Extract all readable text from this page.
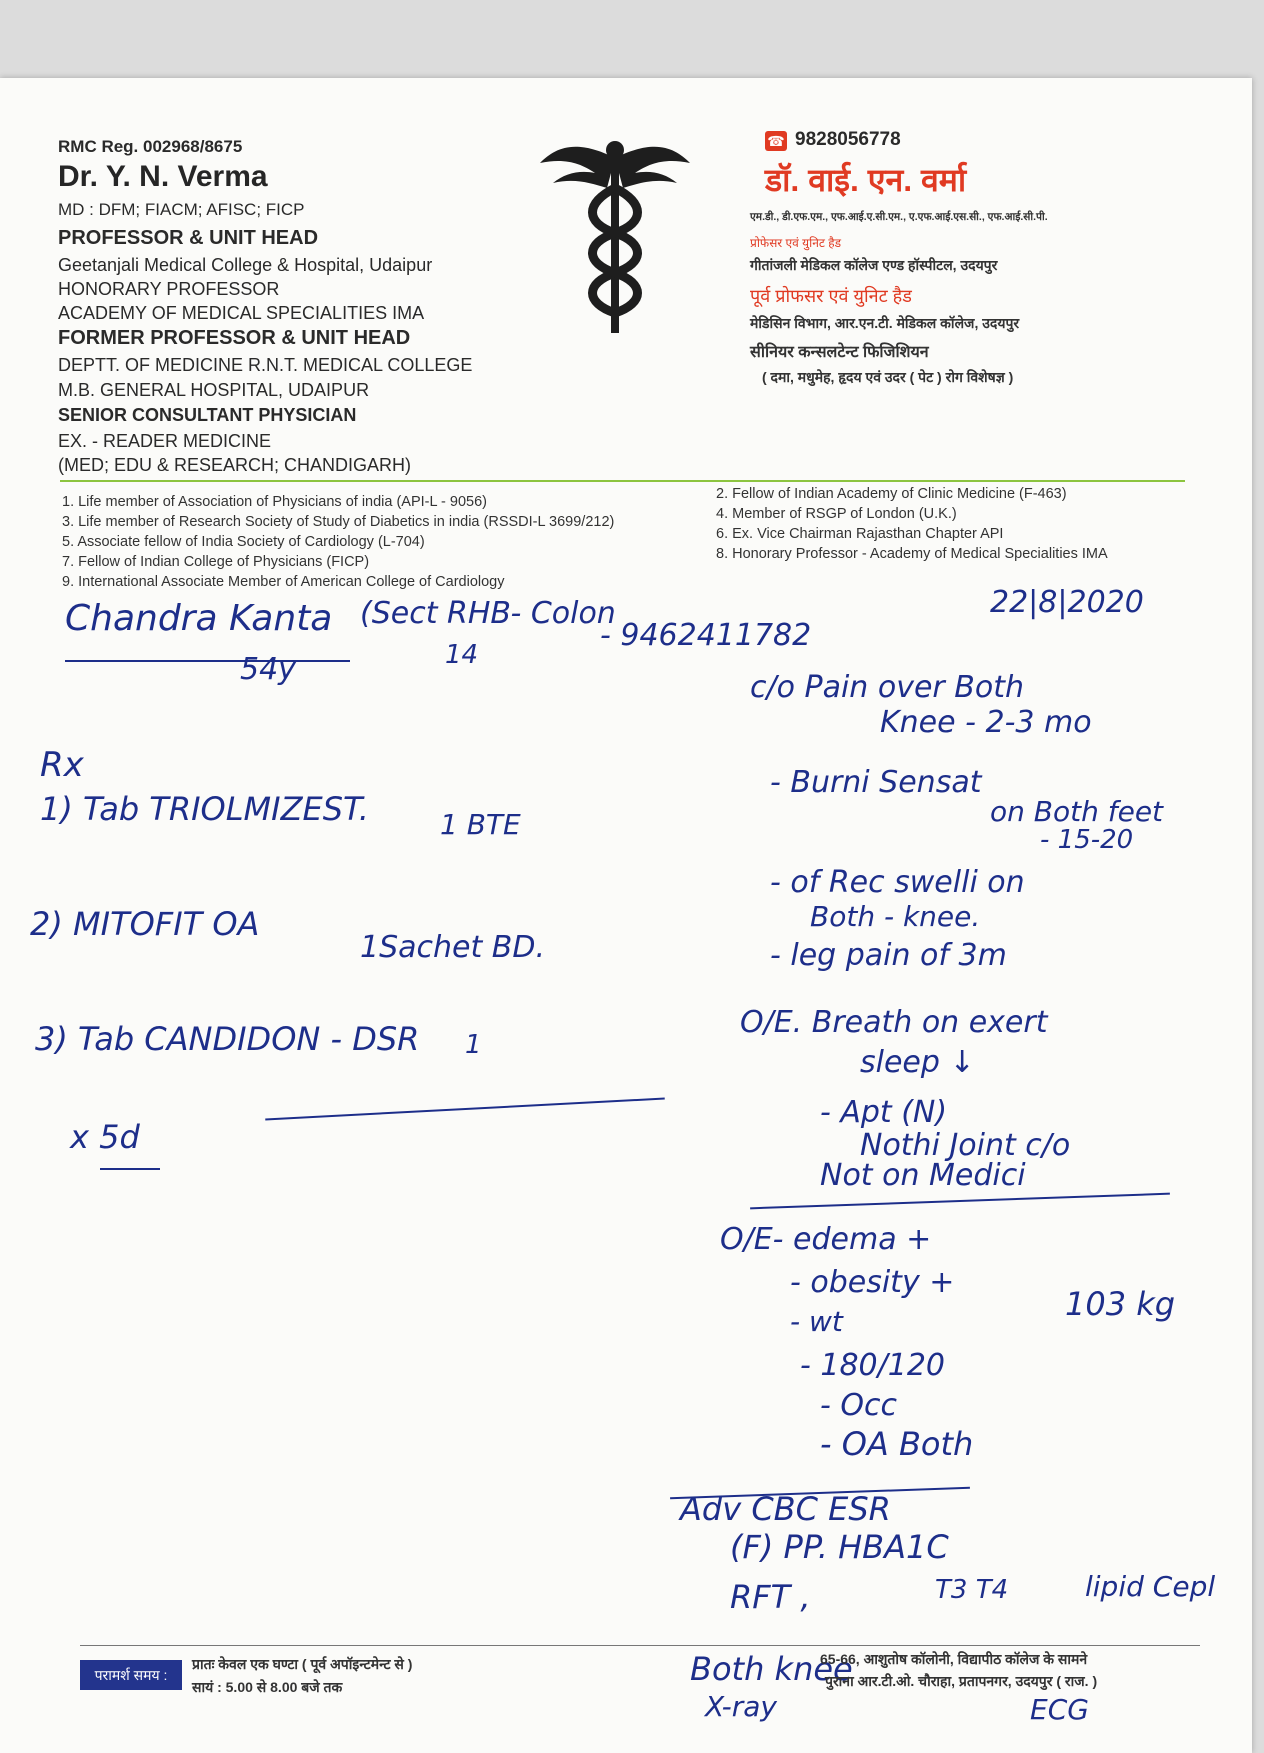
RMC Reg. 002968/8675
Dr. Y. N. Verma
MD : DFM; FIACM; AFISC; FICP
PROFESSOR & UNIT HEAD
Geetanjali Medical College & Hospital, Udaipur
HONORARY PROFESSOR
ACADEMY OF MEDICAL SPECIALITIES IMA
FORMER PROFESSOR & UNIT HEAD
DEPTT. OF MEDICINE R.N.T. MEDICAL COLLEGE
M.B. GENERAL HOSPITAL, UDAIPUR
SENIOR CONSULTANT PHYSICIAN
EX. - READER MEDICINE
(MED; EDU & RESEARCH; CHANDIGARH)
☎ 9828056778
डॉ. वाई. एन. वर्मा
एम.डी., डी.एफ.एम., एफ.आई.ए.सी.एम., ए.एफ.आई.एस.सी., एफ.आई.सी.पी.
प्रोफेसर एवं युनिट हैड
गीतांजली मेडिकल कॉलेज एण्ड हॉस्पीटल, उदयपुर
पूर्व प्रोफसर एवं युनिट हैड
मेडिसिन विभाग, आर.एन.टी. मेडिकल कॉलेज, उदयपुर
सीनियर कन्सलटेन्ट फिजिशियन
( दमा, मधुमेह, हृदय एवं उदर ( पेट ) रोग विशेषज्ञ )
1. Life member of Association of Physicians of india (API-L - 9056)
3. Life member of Research Society of Study of Diabetics in india (RSSDI-L 3699/212)
5. Associate fellow of India Society of Cardiology (L-704)
7. Fellow of Indian College of Physicians (FICP)
9. International Associate Member of American College of Cardiology
2. Fellow of Indian Academy of Clinic Medicine (F-463)
4. Member of RSGP of London (U.K.)
6. Ex. Vice Chairman Rajasthan Chapter API
8. Honorary Professor - Academy of Medical Specialities IMA
Chandra Kanta (Sect RHB- Colon
14
- 9462411782
22|8|2020
54y
Rx
1) Tab TRIOLMIZEST.	1 BTE
2) MITOFIT OA
1Sachet BD.
3) Tab CANDIDON - DSR 1
x 5d
c/o Pain over Both
Knee - 2-3 mo
- Burni Sensat
on Both feet
- 15-20
- of Rec swelli on
Both - knee.
- leg pain of 3m
O/E. Breath on exert
sleep ↓
- Apt (N)
Nothi Joint c/o
Not on Medici
O/E- edema +
- obesity +
- wt	103 kg
- 180/120
- Occ
- OA Both
Adv CBC ESR
(F) PP. HBA1C
RFT ,	T3 T4	lipid Cepl
Both knee
X-ray	ECG
परामर्श समय :
प्रातः केवल एक घण्टा ( पूर्व अपॉइन्टमेन्ट से )
सायं : 5.00 से 8.00 बजे तक
65-66, आशुतोष कॉलोनी, विद्यापीठ कॉलेज के सामने
पुराना आर.टी.ओ. चौराहा, प्रतापनगर, उदयपुर ( राज. )
